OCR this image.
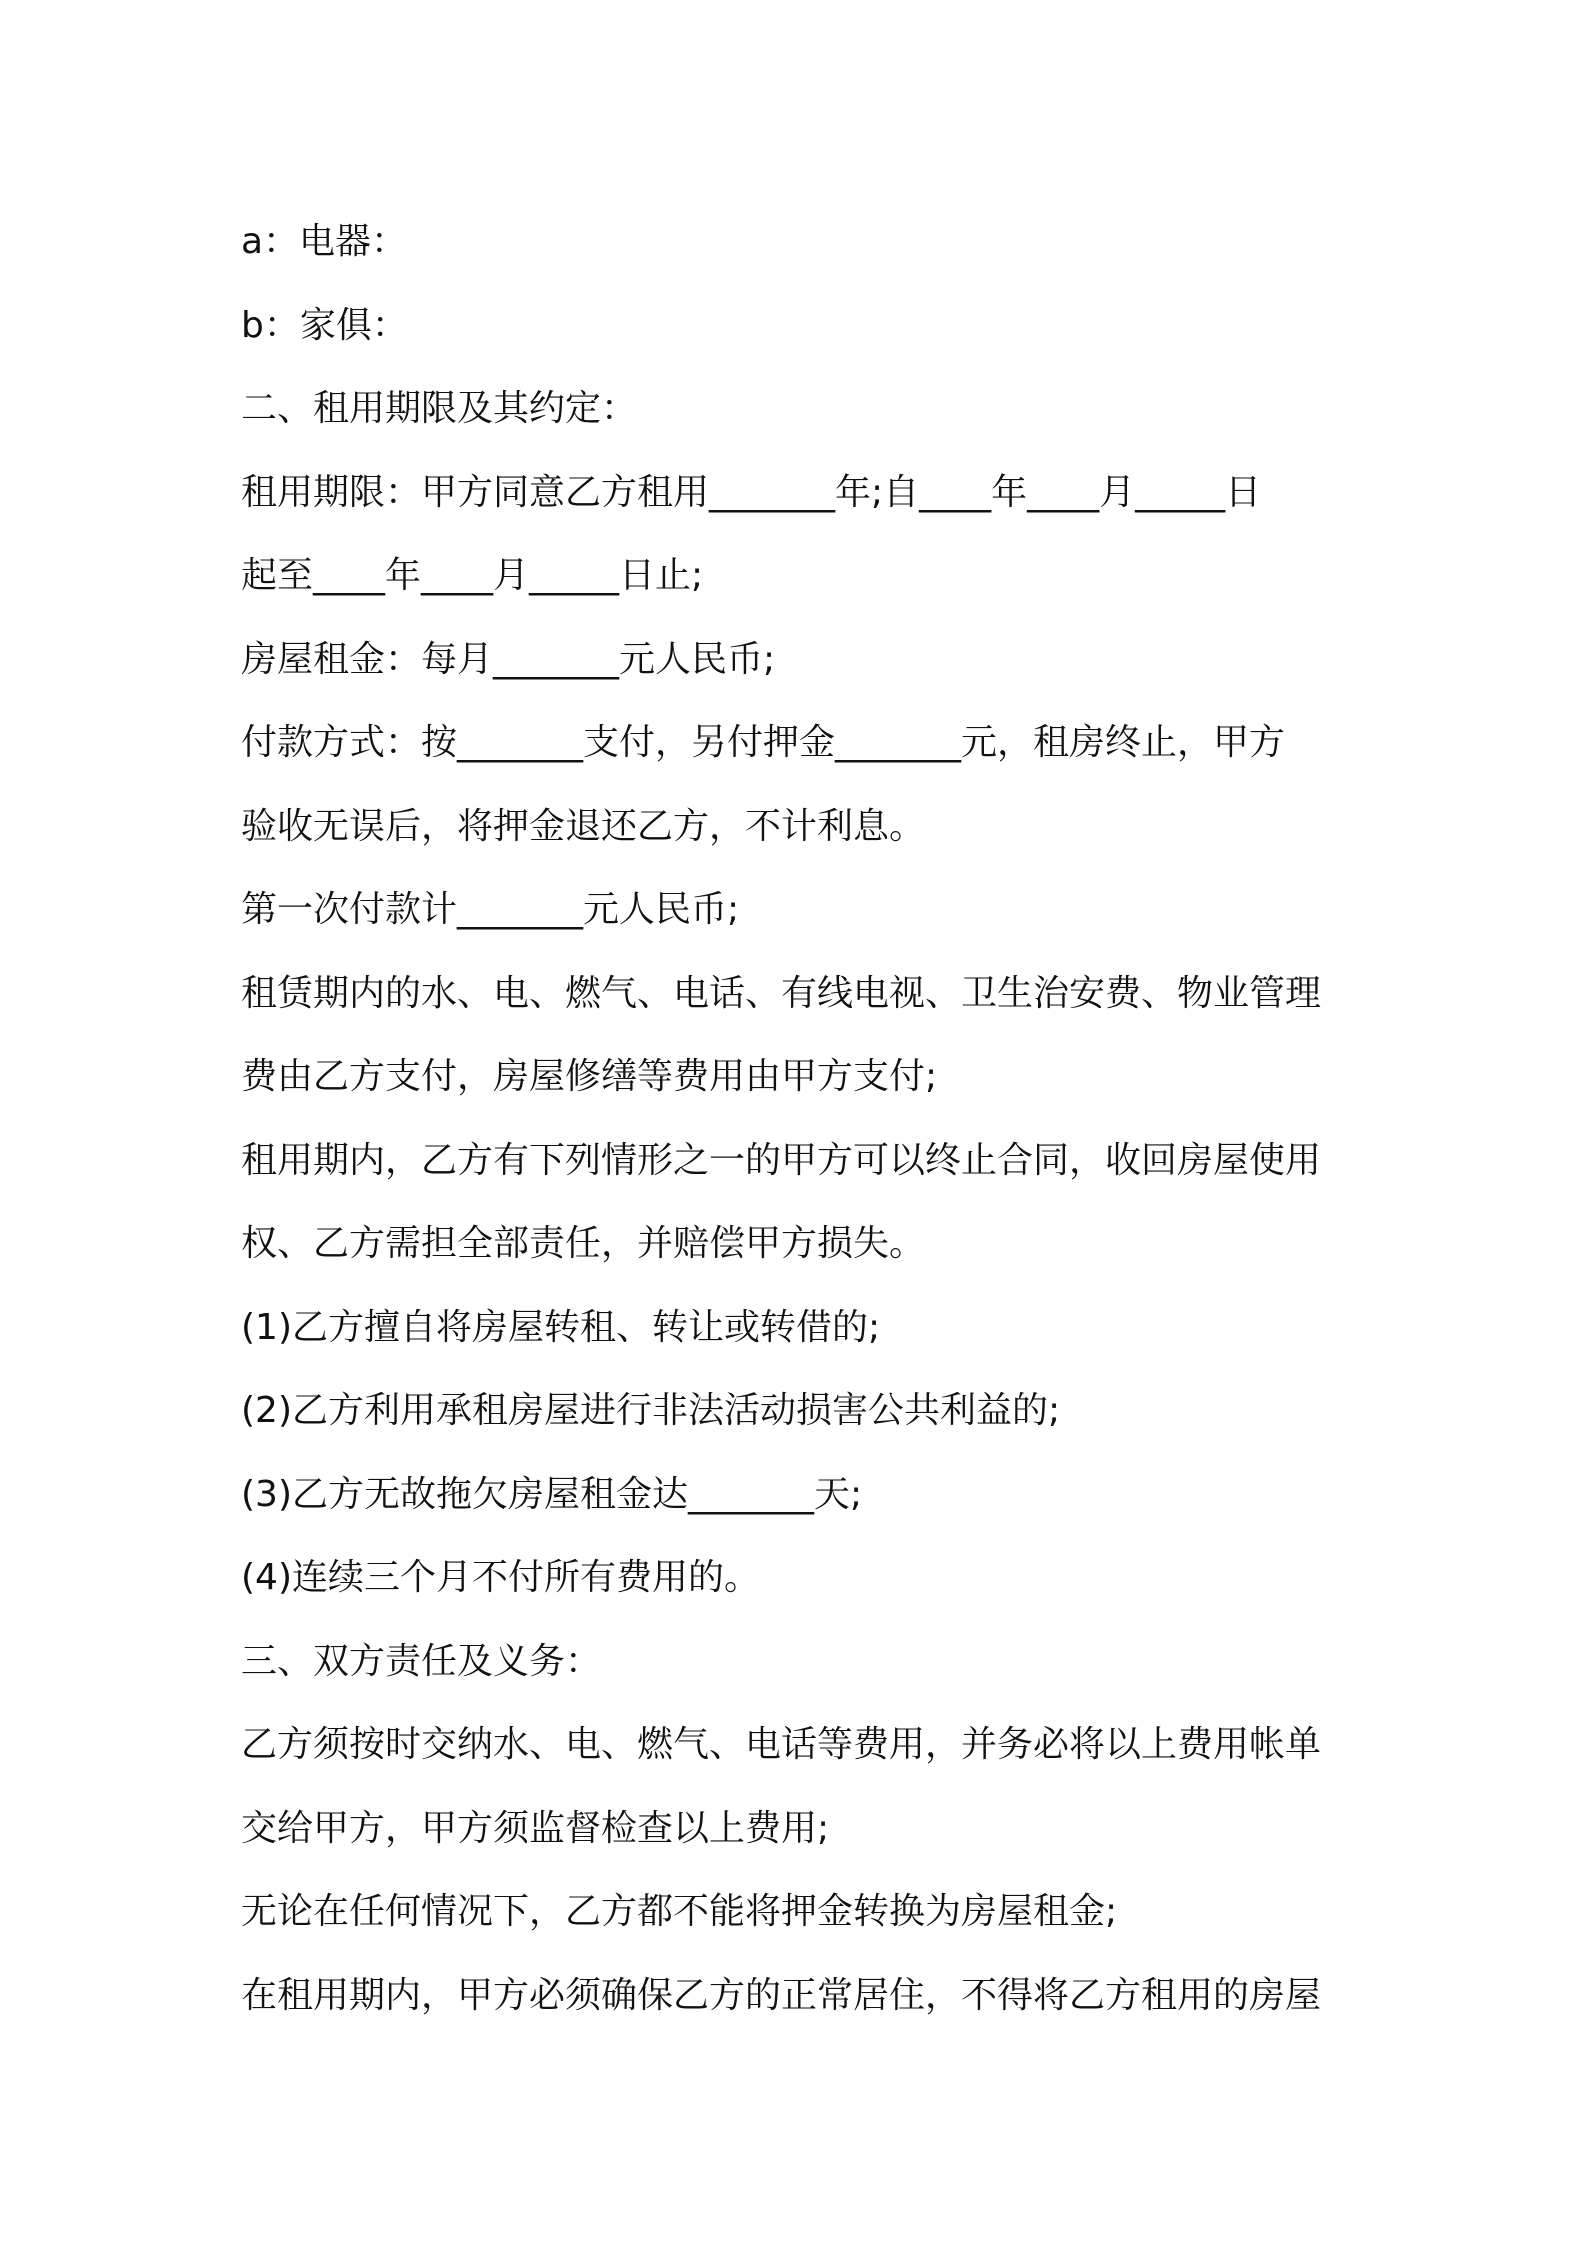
a：电器：

b：家俱：

二、租用期限及其约定：

租用期限：甲方同意乙方租用_______年;自____年____月_____日

起至____年____月_____日止;

房屋租金：每月_______元人民币;

付款方式：按_______支付，另付押金_______元，租房终止，甲方

验收无误后，将押金退还乙方，不计利息。

第一次付款计_______元人民币;

租赁期内的水、电、燃气、电话、有线电视、卫生治安费、物业管理

费由乙方支付，房屋修缮等费用由甲方支付;

租用期内，乙方有下列情形之一的甲方可以终止合同，收回房屋使用

权、乙方需担全部责任，并赔偿甲方损失。

(1)乙方擅自将房屋转租、转让或转借的;

(2)乙方利用承租房屋进行非法活动损害公共利益的;

(3)乙方无故拖欠房屋租金达_______天;

(4)连续三个月不付所有费用的。

三、双方责任及义务：

乙方须按时交纳水、电、燃气、电话等费用，并务必将以上费用帐单

交给甲方，甲方须监督检查以上费用;

无论在任何情况下，乙方都不能将押金转换为房屋租金;

在租用期内，甲方必须确保乙方的正常居住，不得将乙方租用的房屋
